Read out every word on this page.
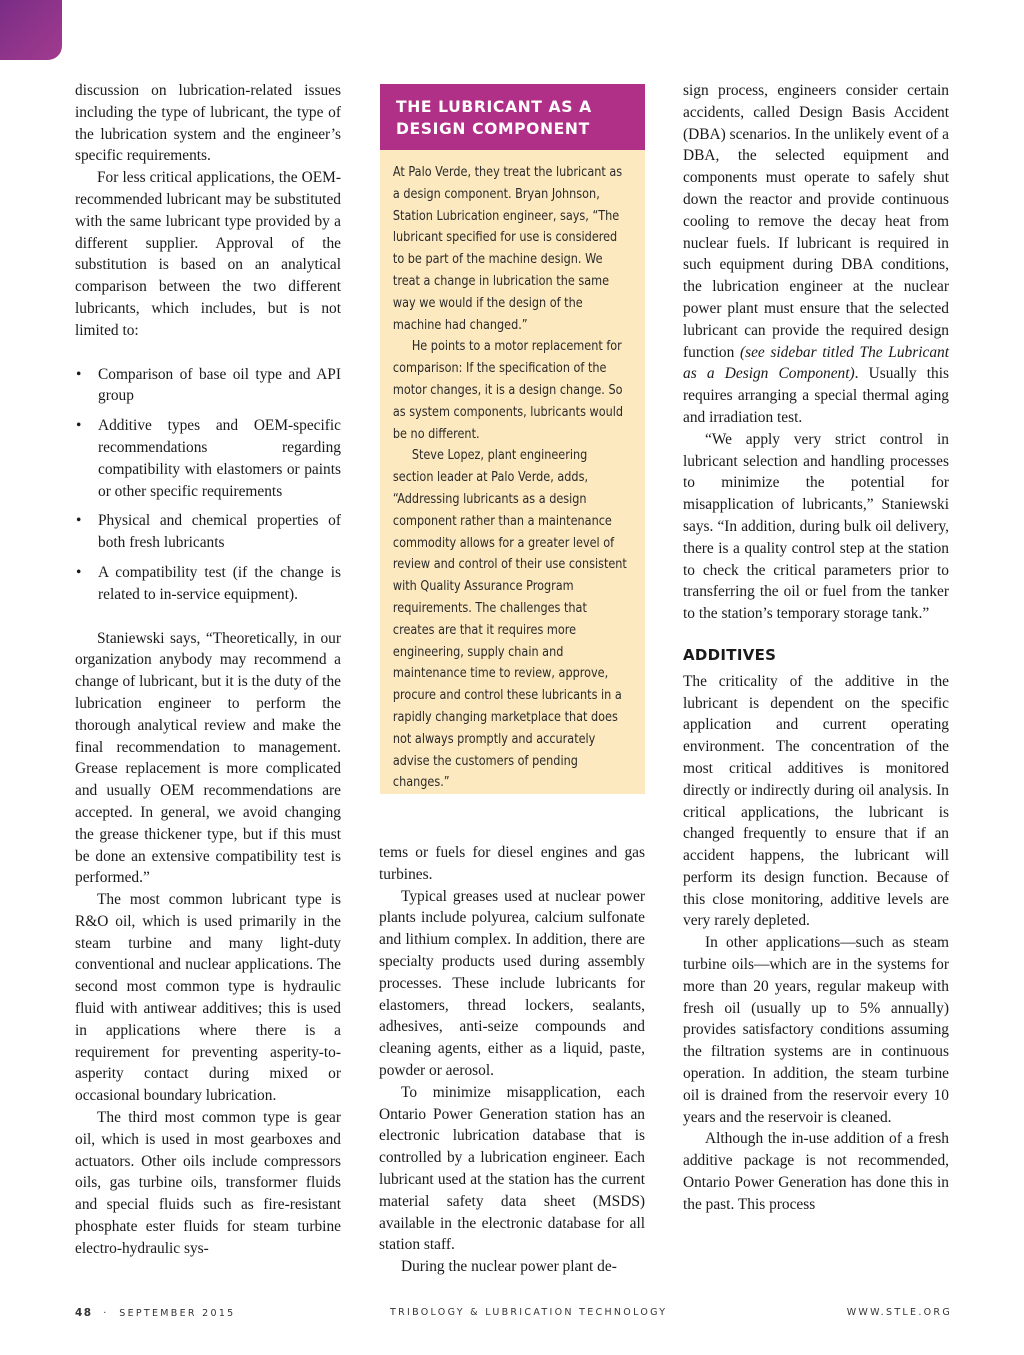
discussion on lubrication-related issues including the type of lubricant, the type of the lubrication system and the engineer’s specific requirements.

For less critical applications, the OEM-recommended lubricant may be substituted with the same lubricant type provided by a different supplier. Approval of the substitution is based on an analytical comparison between the two different lubricants, which includes, but is not limited to:

• Comparison of base oil type and API group
• Additive types and OEM-specific recommendations regarding compatibility with elastomers or paints or other specific requirements
• Physical and chemical properties of both fresh lubricants
• A compatibility test (if the change is related to in-service equipment).

Staniewski says, “Theoretically, in our organization anybody may recommend a change of lubricant, but it is the duty of the lubrication engineer to perform the thorough analytical review and make the final recommendation to management. Grease replacement is more complicated and usually OEM recommendations are accepted. In general, we avoid changing the grease thickener type, but if this must be done an extensive compatibility test is performed.”

The most common lubricant type is R&O oil, which is used primarily in the steam turbine and many light-duty conventional and nuclear applications. The second most common type is hydraulic fluid with antiwear additives; this is used in applications where there is a requirement for preventing asperity-to-asperity contact during mixed or occasional boundary lubrication.

The third most common type is gear oil, which is used in most gearboxes and actuators. Other oils include compressors oils, gas turbine oils, transformer fluids and special fluids such as fire-resistant phosphate ester fluids for steam turbine electro-hydraulic sys-

THE LUBRICANT AS A DESIGN COMPONENT

At Palo Verde, they treat the lubricant as a design component. Bryan Johnson, Station Lubrication engineer, says, “The lubricant specified for use is considered to be part of the machine design. We treat a change in lubrication the same way we would if the design of the machine had changed.”

He points to a motor replacement for comparison: If the specification of the motor changes, it is a design change. So as system components, lubricants would be no different.

Steve Lopez, plant engineering section leader at Palo Verde, adds, “Addressing lubricants as a design component rather than a maintenance commodity allows for a greater level of review and control of their use consistent with Quality Assurance Program requirements. The challenges that creates are that it requires more engineering, supply chain and maintenance time to review, approve, procure and control these lubricants in a rapidly changing marketplace that does not always promptly and accurately advise the customers of pending changes.”

tems or fuels for diesel engines and gas turbines.

Typical greases used at nuclear power plants include polyurea, calcium sulfonate and lithium complex. In addition, there are specialty products used during assembly processes. These include lubricants for elastomers, thread lockers, sealants, adhesives, anti-seize compounds and cleaning agents, either as a liquid, paste, powder or aerosol.

To minimize misapplication, each Ontario Power Generation station has an electronic lubrication database that is controlled by a lubrication engineer. Each lubricant used at the station has the current material safety data sheet (MSDS) available in the electronic database for all station staff.

During the nuclear power plant de-

sign process, engineers consider certain accidents, called Design Basis Accident (DBA) scenarios. In the unlikely event of a DBA, the selected equipment and components must operate to safely shut down the reactor and provide continuous cooling to remove the decay heat from nuclear fuels. If lubricant is required in such equipment during DBA conditions, the lubrication engineer at the nuclear power plant must ensure that the selected lubricant can provide the required design function (see sidebar titled The Lubricant as a Design Component). Usually this requires arranging a special thermal aging and irradiation test.

“We apply very strict control in lubricant selection and handling processes to minimize the potential for misapplication of lubricants,” Staniewski says. “In addition, during bulk oil delivery, there is a quality control step at the station to check the critical parameters prior to transferring the oil or fuel from the tanker to the station’s temporary storage tank.”

ADDITIVES

The criticality of the additive in the lubricant is dependent on the specific application and current operating environment. The concentration of the most critical additives is monitored directly or indirectly during oil analysis. In critical applications, the lubricant is changed frequently to ensure that if an accident happens, the lubricant will perform its design function. Because of this close monitoring, additive levels are very rarely depleted.

In other applications—such as steam turbine oils—which are in the systems for more than 20 years, regular makeup with fresh oil (usually up to 5% annually) provides satisfactory conditions assuming the filtration systems are in continuous operation. In addition, the steam turbine oil is drained from the reservoir every 10 years and the reservoir is cleaned.

Although the in-use addition of a fresh additive package is not recommended, Ontario Power Generation has done this in the past. This process

48 · SEPTEMBER 2015	TRIBOLOGY & LUBRICATION TECHNOLOGY	WWW.STLE.ORG
